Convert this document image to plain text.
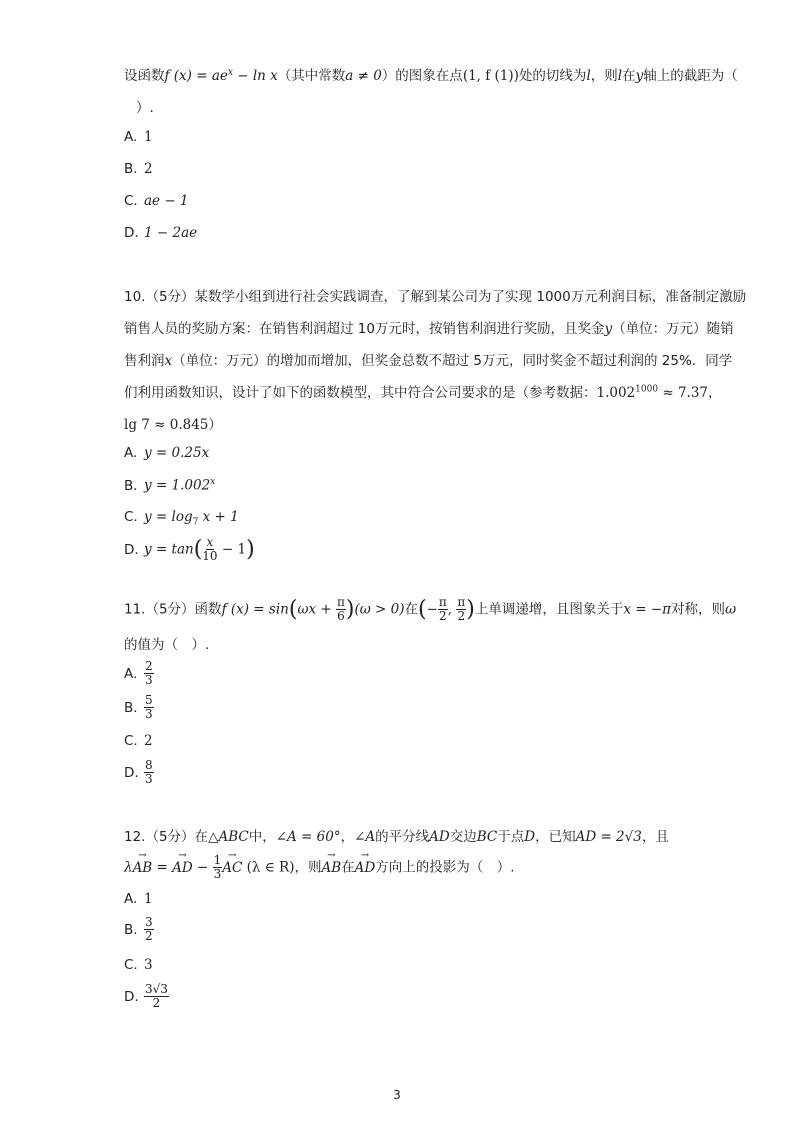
设函数f $(x) = ae^x - \ln x$（其中常数a ≠ 0）的图象在点(1, f (1))处的切线为l，则l在y轴上的截距为（
）.
A. 1
B. 2
C. ae − 1
D. 1 − 2ae
10.（5分）某数学小组到进行社会实践调查，了解到某公司为了实现 1000万元利润目标，准备制定激励
销售人员的奖励方案：在销售利润超过 10万元时，按销售利润进行奖励，且奖金y（单位：万元）随销
售利润x（单位：万元）的增加而增加，但奖金总数不超过 5万元，同时奖金不超过利润的 25%．同学
们利用函数知识，设计了如下的函数模型，其中符合公司要求的是（参考数据：$1.002^{1000} \approx 7.37$，
lg 7 ≈ 0.845）
A. y = 0.25x
B. $y = 1.002^x$
C. $y = \log_7 x + 1$
D. $y = \tan( \frac{x}{10} - 1)$
11.（5分）函数f $(x) = \sin(\omega x + \frac{\pi}{6} )(\omega > 0)$在(− $\frac{\pi}{2}$ , $\frac{\pi}{2}$ )上单调递增，且图象关于x = −π对称，则ω
的值为（　）.
A. $\frac{2}{3}$
B. $\frac{5}{3}$
C. 2
D. $\frac{8}{3}$
12.（5分）在△ABC中，∠A = 60°，∠A的平分线AD交边BC于点D，已知AD = 2√3，且
λ→ AB = → AD − $\frac{1}{3}$
→ AC (λ ∈ R)，则→ AB在→ AD方向上的投影为（　）.
A. 1
B. $\frac{3}{2}$
C. 3
D. $\frac{3√3}{2}$
3
